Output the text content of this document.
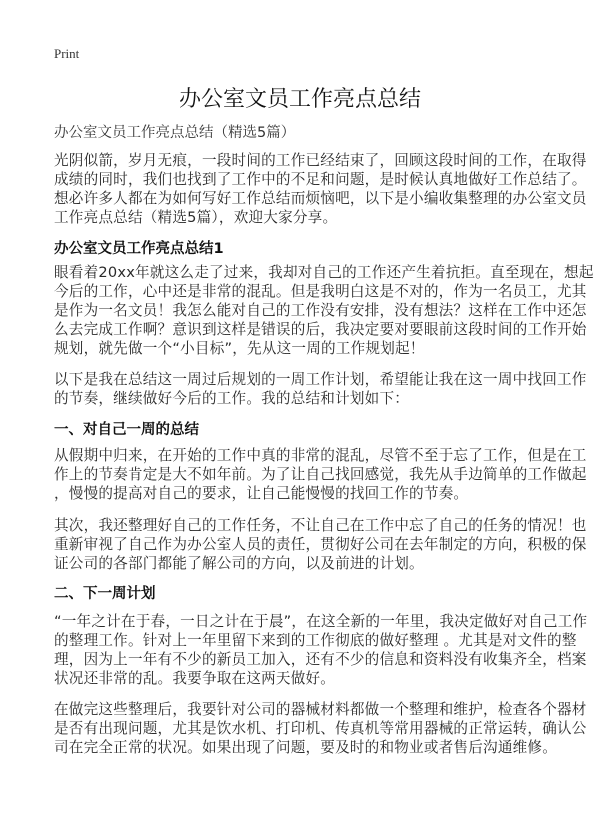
Print
办公室文员工作亮点总结
办公室文员工作亮点总结（精选5篇）
光阴似箭，岁月无痕，一段时间的工作已经结束了，回顾这段时间的工作，在取得
成绩的同时，我们也找到了工作中的不足和问题，是时候认真地做好工作总结了。
想必许多人都在为如何写好工作总结而烦恼吧，以下是小编收集整理的办公室文员
工作亮点总结（精选5篇），欢迎大家分享。
办公室文员工作亮点总结1
眼看着20xx年就这么走了过来，我却对自己的工作还产生着抗拒。直至现在，想起
今后的工作，心中还是非常的混乱。但是我明白这是不对的，作为一名员工，尤其
是作为一名文员！我怎么能对自己的工作没有安排，没有想法？这样在工作中还怎
么去完成工作啊？意识到这样是错误的后，我决定要对要眼前这段时间的工作开始
规划，就先做一个“小目标”，先从这一周的工作规划起！
以下是我在总结这一周过后规划的一周工作计划，希望能让我在这一周中找回工作
的节奏，继续做好今后的工作。我的总结和计划如下：
一、对自己一周的总结
从假期中归来，在开始的工作中真的非常的混乱，尽管不至于忘了工作，但是在工
作上的节奏肯定是大不如年前。为了让自己找回感觉，我先从手边简单的工作做起
，慢慢的提高对自己的要求，让自己能慢慢的找回工作的节奏。
其次，我还整理好自己的工作任务，不让自己在工作中忘了自己的任务的情况！也
重新审视了自己作为办公室人员的责任，贯彻好公司在去年制定的方向，积极的保
证公司的各部门都能了解公司的方向，以及前进的计划。
二、下一周计划
“一年之计在于春，一日之计在于晨”，在这全新的一年里，我决定做好对自己工作
的整理工作。针对上一年里留下来到的工作彻底的做好整理 。尤其是对文件的整
理，因为上一年有不少的新员工加入，还有不少的信息和资料没有收集齐全，档案
状况还非常的乱。我要争取在这两天做好。
在做完这些整理后，我要针对公司的器械材料都做一个整理和维护，检查各个器材
是否有出现问题，尤其是饮水机、打印机、传真机等常用器械的正常运转，确认公
司在完全正常的状况。如果出现了问题，要及时的和物业或者售后沟通维修。
